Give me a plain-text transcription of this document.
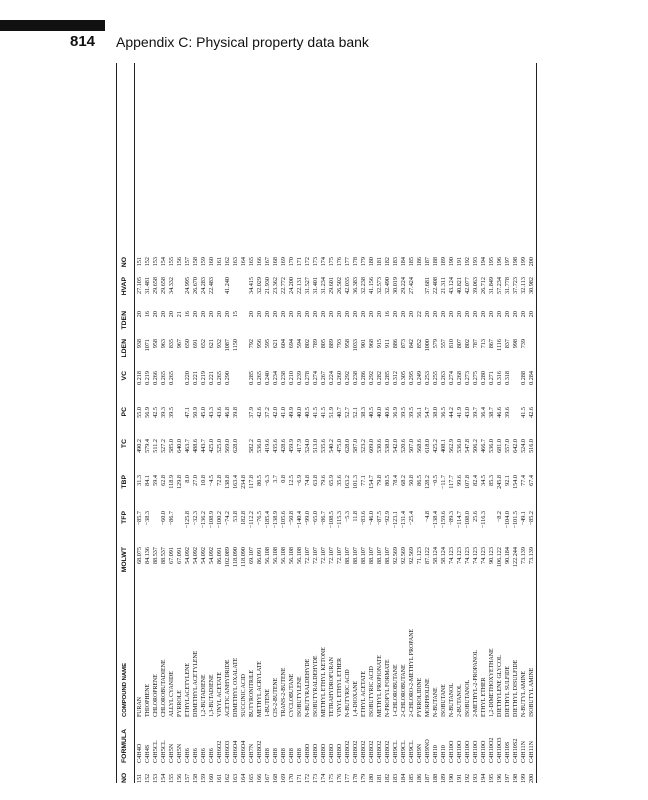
814 Appendix C: Physical property data bank
NO
FORMULA
COMPOUND NAME
MOLWT
TFP
TBP
TC
PC
VC
LDEN
TDEN
HVAP
NO
151
C4H4O
FURAN
68.075
−85.7
31.3
490.2
55.0
0.218
938
20
27.105
151
152
C4H4S
THIOPHENE
84.136
−38.3
84.1
579.4
56.9
0.219
1071
16
31.481
152
153
C4H5CL
CHLOROPRENE
88.537
59.4
511.2
42.5
0.266
958
20
29.658
153
154
C4H5CL
CHLOROBUTADIENE
88.537
−60.0
62.8
527.2
39.3
0.265
963
20
29.658
154
155
C4H5N
ALLYL CYANIDE
67.091
−86.7
118.9
585.0
39.5
0.265
835
20
34.332
155
156
C4H5N
PYRROLE
67.091
129.8
640.0
967
21
156
157
C4H6
ETHYLACETYLENE
54.092
−125.8
8.0
463.7
47.1
0.220
650
16
24.995
157
158
C4H6
DIMETHYL ACETYLENE
54.092
−32.3
27.0
488.6
50.9
0.221
691
20
26.670
158
159
C4H6
1,2-BUTADIENE
54.092
−136.2
10.8
443.7
45.0
0.219
652
20
24.283
159
160
C4H6
1,3-BUTADIENE
54.092
−108.9
−4.5
425.0
43.3
0.221
621
20
22.483
160
161
C4H6O2
VINYL ACETATE
86.091
−100.2
72.8
525.0
43.6
0.265
932
20
161
162
C4H6O3
ACETIC ANHYDRIDE
102.089
−74.2
138.8
569.0
46.8
0.290
1087
20
41.240
162
163
C4H6O4
DIMETHYL OXALATE
118.090
53.8
163.4
628.0
39.8
1150
15
163
164
C4H6O4
SUCCINIC ACID
118.090
182.8
234.8
164
165
C4H7N
BUTYRONITRILE
69.107
−112.2
117.8
582.2
37.9
0.285
792
20
34.415
165
166
C4H8O2
METHYL ACRYLATE
86.091
−76.5
80.5
536.0
42.6
0.265
956
20
32.029
166
167
C4H8
1-BUTENE
56.108
−185.4
−6.3
419.6
37.2
0.240
595
20
21.930
167
168
C4H8
CIS-2-BUTENE
56.108
−138.9
3.7
435.6
42.0
0.234
621
20
23.362
168
169
C4H8
TRANS-2-BUTENE
56.108
−105.6
0.8
428.6
41.0
0.238
604
20
22.772
169
170
C4H8
CYCLOBUTANE
56.108
−50.8
12.5
459.9
49.9
0.210
694
20
24.200
170
171
C4H8
ISOBUTYLENE
56.108
−140.4
−6.9
417.9
40.0
0.239
594
20
22.131
171
172
C4H8O
N-BUTYRALDEHYDE
72.107
−99.0
74.8
524.0
40.5
0.278
802
20
31.527
172
173
C4H8O
ISOBUTYRALDEHYDE
72.107
−65.0
63.8
513.0
41.5
0.274
789
20
31.401
173
174
C4H8O
METHYL ETHYL KETONE
72.107
−86.7
79.6
535.6
41.5
0.267
805
20
31.234
174
175
C4H8O
TETRAHYDROFURAN
72.107
−108.5
65.9
540.2
51.9
0.224
889
20
29.601
175
176
C4H8O
VINYL ETHYL ETHER
72.107
−115.3
35.6
475.0
40.7
0.260
793
20
26.502
176
177
C4H8O2
N-BUTYRIC ACID
88.107
−5.3
163.2
628.0
52.7
0.292
958
20
42.035
177
178
C4H8O2
1,4-DIOXANE
88.107
11.8
101.3
587.0
52.1
0.238
1033
20
36.383
178
179
C4H8O2
ETHYL ACETATE
88.107
−83.6
77.1
523.2
38.3
0.286
901
20
32.238
179
180
C4H8O2
ISOBUTYRIC ACID
88.107
−46.0
154.7
609.0
40.5
0.292
968
20
41.156
180
181
C4H8O2
METHYL PROPIONATE
88.107
−87.5
79.8
530.6
40.0
0.282
915
20
32.573
181
182
C4H8O2
N-PROPYL FORMATE
88.107
−92.9
80.5
538.0
40.6
0.285
911
16
32.490
182
183
C4H9CL
1-CHLOROBUTANE
92.569
−123.1
78.4
542.0
36.9
0.312
886
20
30.019
183
184
C4H9CL
2-CHLOROBUTANE
92.569
−131.4
68.2
520.6
39.5
0.305
873
20
29.224
184
185
C4H9CL
2-CHLORO-2-METHYL PROPANE
92.569
−25.4
50.8
507.0
39.5
0.295
842
20
27.424
185
186
C4H9N
PYRROLIDINE
71.123
86.5
568.6
56.1
0.249
852
22
186
187
C4H9NO
MORPHOLINE
87.122
−4.8
128.2
618.0
54.7
0.253
1000
20
37.681
187
188
C4H10
N-BUTANE
58.124
−138.4
−0.5
425.2
38.0
0.255
579
20
22.408
188
189
C4H10
ISOBUTANE
58.124
−159.6
−11.7
408.1
36.5
0.263
557
20
21.311
189
190
C4H10O
N-BUTANOL
74.123
−89.3
117.7
562.9
44.2
0.274
810
20
43.124
190
191
C4H10O
2-BUTANOL
74.123
−114.7
99.6
536.0
41.9
0.268
807
20
40.821
191
192
C4H10O
ISOBUTANOL
74.123
−108.0
107.8
547.8
43.0
0.273
802
20
42.077
192
193
C4H10O
2-METHYL-2-PROPANOL
74.123
25.6
82.4
506.2
39.7
0.275
787
20
39.063
193
194
C4H10O
ETHYL ETHER
74.123
−116.3
34.5
466.7
36.4
0.280
713
20
26.712
194
195
C4H10O2
1,2-DIMETHOXYETHANE
90.123
85.3
536.0
38.7
0.271
867
20
31.849
195
196
C4H10O3
DIETHYLENE GLYCOL
106.122
−8.2
245.8
681.0
46.6
0.316
1116
20
57.234
196
197
C4H10S
DIETHYL SULFIDE
90.184
−104.0
92.1
557.0
39.6
0.318
837
20
31.778
197
198
C4H10S2
DIETHYL DISULFIDE
122.244
−101.5
154.0
642.0
998
20
37.723
198
199
C4H11N
N-BUTYL AMINE
73.139
−49.1
77.4
524.0
41.5
0.288
739
20
32.113
199
200
C4H11N
ISOBUTYL AMINE
73.139
−85.2
67.4
516.0
42.6
0.284
20
30.982
200
